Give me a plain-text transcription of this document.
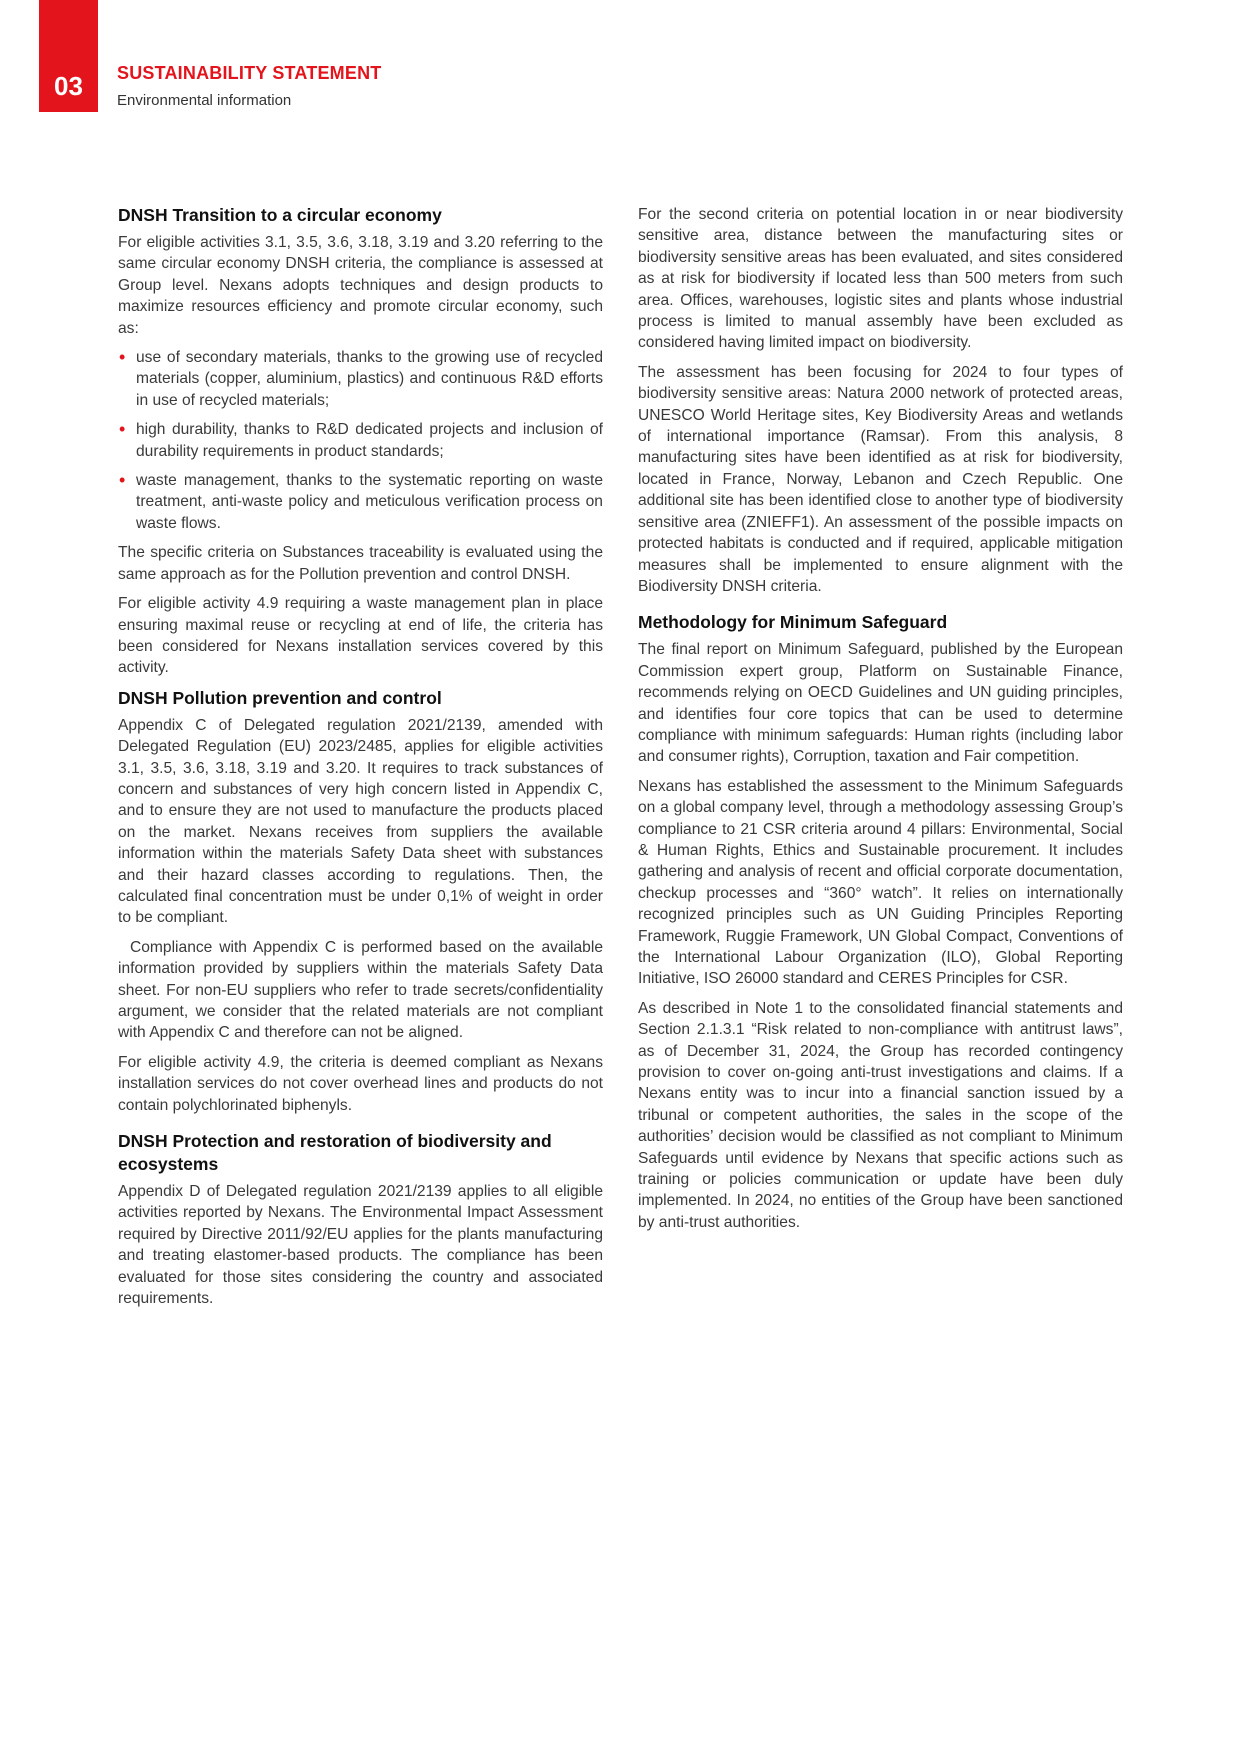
03	SUSTAINABILITY STATEMENT
Environmental information
DNSH Transition to a circular economy

For eligible activities 3.1, 3.5, 3.6, 3.18, 3.19 and 3.20 referring to the same circular economy DNSH criteria, the compliance is assessed at Group level. Nexans adopts techniques and design products to maximize resources efficiency and promote circular economy, such as:

• use of secondary materials, thanks to the growing use of recycled materials (copper, aluminium, plastics) and continuous R&D efforts in use of recycled materials;
• high durability, thanks to R&D dedicated projects and inclusion of durability requirements in product standards;
• waste management, thanks to the systematic reporting on waste treatment, anti-waste policy and meticulous verification process on waste flows.

The specific criteria on Substances traceability is evaluated using the same approach as for the Pollution prevention and control DNSH.

For eligible activity 4.9 requiring a waste management plan in place ensuring maximal reuse or recycling at end of life, the criteria has been considered for Nexans installation services covered by this activity.

DNSH Pollution prevention and control

Appendix C of Delegated regulation 2021/2139, amended with Delegated Regulation (EU) 2023/2485, applies for eligible activities 3.1, 3.5, 3.6, 3.18, 3.19 and 3.20. It requires to track substances of concern and substances of very high concern listed in Appendix C, and to ensure they are not used to manufacture the products placed on the market. Nexans receives from suppliers the available information within the materials Safety Data sheet with substances and their hazard classes according to regulations. Then, the calculated final concentration must be under 0,1% of weight in order to be compliant.

Compliance with Appendix C is performed based on the available information provided by suppliers within the materials Safety Data sheet. For non-EU suppliers who refer to trade secrets/confidentiality argument, we consider that the related materials are not compliant with Appendix C and therefore can not be aligned.

For eligible activity 4.9, the criteria is deemed compliant as Nexans installation services do not cover overhead lines and products do not contain polychlorinated biphenyls.

DNSH Protection and restoration of biodiversity and ecosystems

Appendix D of Delegated regulation 2021/2139 applies to all eligible activities reported by Nexans. The Environmental Impact Assessment required by Directive 2011/92/EU applies for the plants manufacturing and treating elastomer-based products. The compliance has been evaluated for those sites considering the country and associated requirements.

For the second criteria on potential location in or near biodiversity sensitive area, distance between the manufacturing sites or biodiversity sensitive areas has been evaluated, and sites considered as at risk for biodiversity if located less than 500 meters from such area. Offices, warehouses, logistic sites and plants whose industrial process is limited to manual assembly have been excluded as considered having limited impact on biodiversity.

The assessment has been focusing for 2024 to four types of biodiversity sensitive areas: Natura 2000 network of protected areas, UNESCO World Heritage sites, Key Biodiversity Areas and wetlands of international importance (Ramsar). From this analysis, 8 manufacturing sites have been identified as at risk for biodiversity, located in France, Norway, Lebanon and Czech Republic. One additional site has been identified close to another type of biodiversity sensitive area (ZNIEFF1). An assessment of the possible impacts on protected habitats is conducted and if required, applicable mitigation measures shall be implemented to ensure alignment with the Biodiversity DNSH criteria.

Methodology for Minimum Safeguard

The final report on Minimum Safeguard, published by the European Commission expert group, Platform on Sustainable Finance, recommends relying on OECD Guidelines and UN guiding principles, and identifies four core topics that can be used to determine compliance with minimum safeguards: Human rights (including labor and consumer rights), Corruption, taxation and Fair competition.

Nexans has established the assessment to the Minimum Safeguards on a global company level, through a methodology assessing Group’s compliance to 21 CSR criteria around 4 pillars: Environmental, Social & Human Rights, Ethics and Sustainable procurement. It includes gathering and analysis of recent and official corporate documentation, checkup processes and “360° watch”. It relies on internationally recognized principles such as UN Guiding Principles Reporting Framework, Ruggie Framework, UN Global Compact, Conventions of the International Labour Organization (ILO), Global Reporting Initiative, ISO 26000 standard and CERES Principles for CSR.

As described in Note 1 to the consolidated financial statements and Section 2.1.3.1 “Risk related to non-compliance with antitrust laws”, as of December 31, 2024, the Group has recorded contingency provision to cover on-going anti-trust investigations and claims. If a Nexans entity was to incur into a financial sanction issued by a tribunal or competent authorities, the sales in the scope of the authorities’ decision would be classified as not compliant to Minimum Safeguards until evidence by Nexans that specific actions such as training or policies communication or update have been duly implemented. In 2024, no entities of the Group have been sanctioned by anti-trust authorities.
